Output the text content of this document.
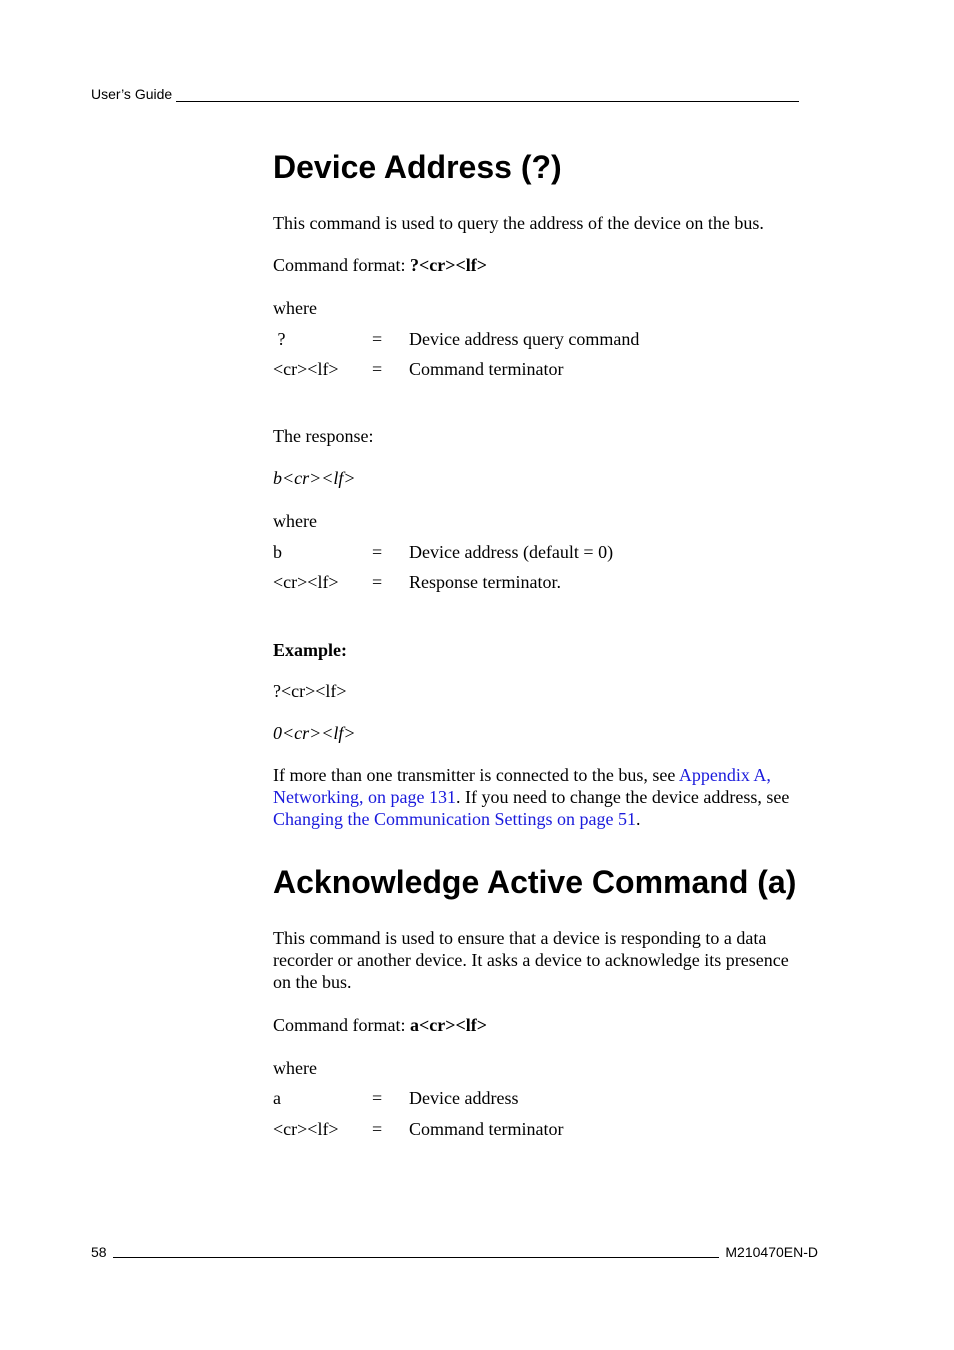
User’s Guide
Device Address (?)

This command is used to query the address of the device on the bus.

Command format: ?<cr><lf>

where

?	= Device address query command
<cr><lf> = Command terminator

The response:

b<cr><lf>

where

b	= Device address (default = 0)
<cr><lf> = Response terminator.

Example:

?<cr><lf>

0<cr><lf>

If more than one transmitter is connected to the bus, see Appendix A,
Networking, on page 131. If you need to change the device address, see
Changing the Communication Settings on page 51.
Acknowledge Active Command (a)
This command is used to ensure that a device is responding to a data
recorder or another device. It asks a device to acknowledge its presence
on the bus.

Command format: a<cr><lf>

where

a	= Device address
<cr><lf> = Command terminator
58	M210470EN-D
